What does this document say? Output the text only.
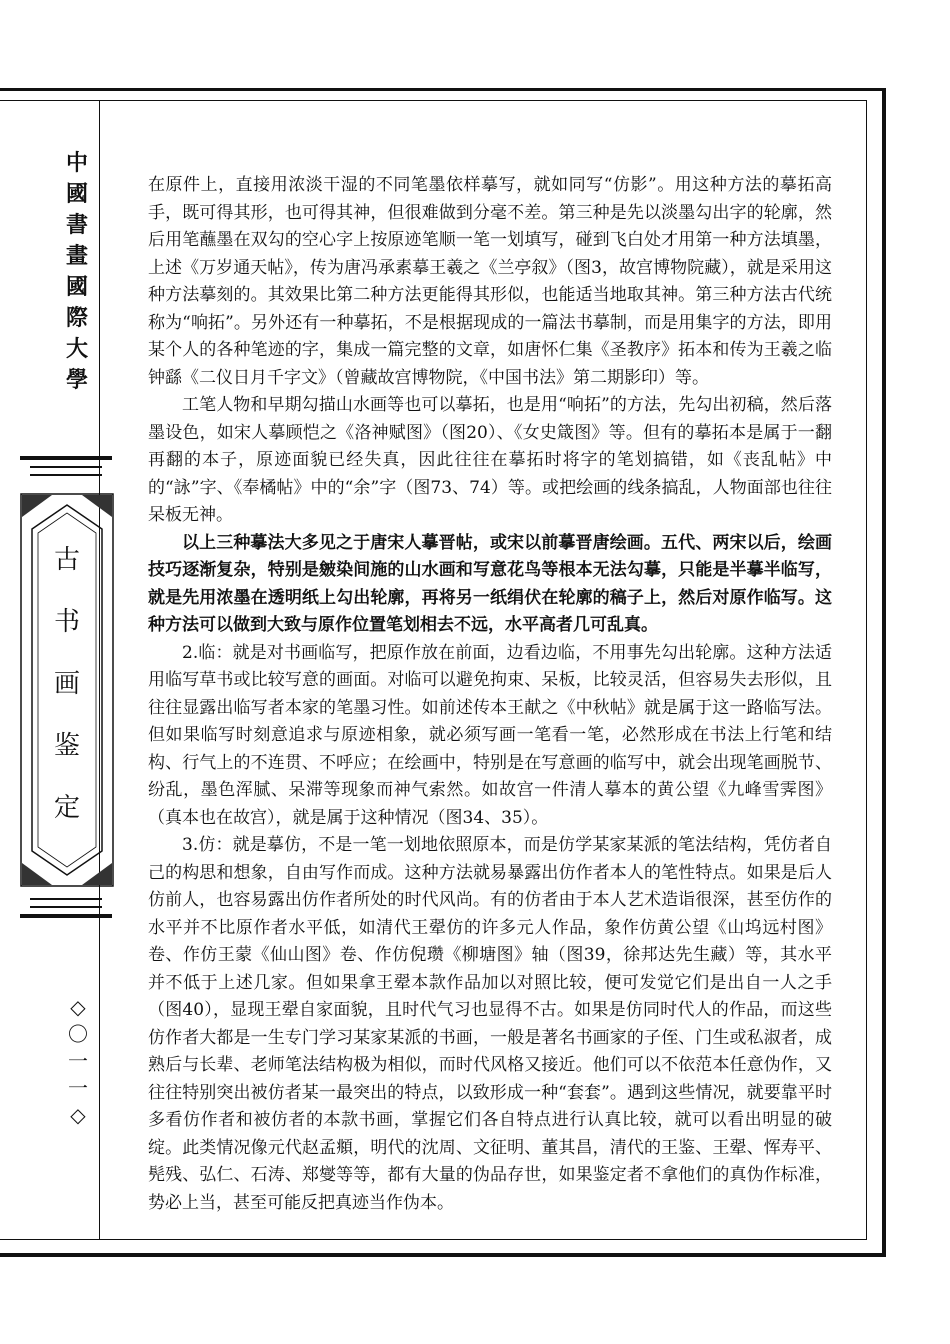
中
國
書
畫
國
際
大
學
古
书
画
鉴
定
◇
〇
一
一
◇

在原件上，直接用浓淡干湿的不同笔墨依样摹写，就如同写“仿影”。用这种方法的摹拓高手，既可得其形，也可得其神，但很难做到分毫不差。第三种是先以淡墨勾出字的轮廓，然后用笔蘸墨在双勾的空心字上按原迹笔顺一笔一划填写，碰到飞白处才用第一种方法填墨，上述《万岁通天帖》，传为唐冯承素摹王羲之《兰亭叙》（图3，故宫博物院藏），就是采用这种方法摹刻的。其效果比第二种方法更能得其形似，也能适当地取其神。第三种方法古代统称为“响拓”。另外还有一种摹拓，不是根据现成的一篇法书摹制，而是用集字的方法，即用某个人的各种笔迹的字，集成一篇完整的文章，如唐怀仁集《圣教序》拓本和传为王羲之临钟繇《二仪日月千字文》（曾藏故宫博物院，《中国书法》第二期影印）等。

工笔人物和早期勾描山水画等也可以摹拓，也是用“响拓”的方法，先勾出初稿，然后落墨设色，如宋人摹顾恺之《洛神赋图》（图20）、《女史箴图》等。但有的摹拓本是属于一翻再翻的本子，原迹面貌已经失真，因此往往在摹拓时将字的笔划搞错，如《丧乱帖》中的“詠”字、《奉橘帖》中的“余”字（图73、74）等。或把绘画的线条搞乱，人物面部也往往呆板无神。

以上三种摹法大多见之于唐宋人摹晋帖，或宋以前摹晋唐绘画。五代、两宋以后，绘画技巧逐渐复杂，特别是皴染间施的山水画和写意花鸟等根本无法勾摹，只能是半摹半临写，就是先用浓墨在透明纸上勾出轮廓，再将另一纸绢伏在轮廓的稿子上，然后对原作临写。这种方法可以做到大致与原作位置笔划相去不远，水平高者几可乱真。

2.临：就是对书画临写，把原作放在前面，边看边临，不用事先勾出轮廓。这种方法适用临写草书或比较写意的画面。对临可以避免拘束、呆板，比较灵活，但容易失去形似，且往往显露出临写者本家的笔墨习性。如前述传本王献之《中秋帖》就是属于这一路临写法。但如果临写时刻意追求与原迹相象，就必须写画一笔看一笔，必然形成在书法上行笔和结构、行气上的不连贯、不呼应；在绘画中，特别是在写意画的临写中，就会出现笔画脱节、纷乱，墨色浑腻、呆滞等现象而神气索然。如故宫一件清人摹本的黄公望《九峰雪霁图》（真本也在故宫），就是属于这种情况（图34、35）。

3.仿：就是摹仿，不是一笔一划地依照原本，而是仿学某家某派的笔法结构，凭仿者自己的构思和想象，自由写作而成。这种方法就易暴露出仿作者本人的笔性特点。如果是后人仿前人，也容易露出仿作者所处的时代风尚。有的仿者由于本人艺术造诣很深，甚至仿作的水平并不比原作者水平低，如清代王翚仿的许多元人作品，象作仿黄公望《山坞远村图》卷、作仿王蒙《仙山图》卷、作仿倪瓒《柳塘图》轴（图39，徐邦达先生藏）等，其水平并不低于上述几家。但如果拿王翚本款作品加以对照比较，便可发觉它们是出自一人之手（图40），显现王翚自家面貌，且时代气习也显得不古。如果是仿同时代人的作品，而这些仿作者大都是一生专门学习某家某派的书画，一般是著名书画家的子侄、门生或私淑者，成熟后与长辈、老师笔法结构极为相似，而时代风格又接近。他们可以不依范本任意伪作，又往往特别突出被仿者某一最突出的特点，以致形成一种“套套”。遇到这些情况，就要靠平时多看仿作者和被仿者的本款书画，掌握它们各自特点进行认真比较，就可以看出明显的破绽。此类情况像元代赵孟頫，明代的沈周、文征明、董其昌，清代的王鉴、王翚、恽寿平、髡残、弘仁、石涛、郑燮等等，都有大量的伪品存世，如果鉴定者不拿他们的真伪作标准，势必上当，甚至可能反把真迹当作伪本。
